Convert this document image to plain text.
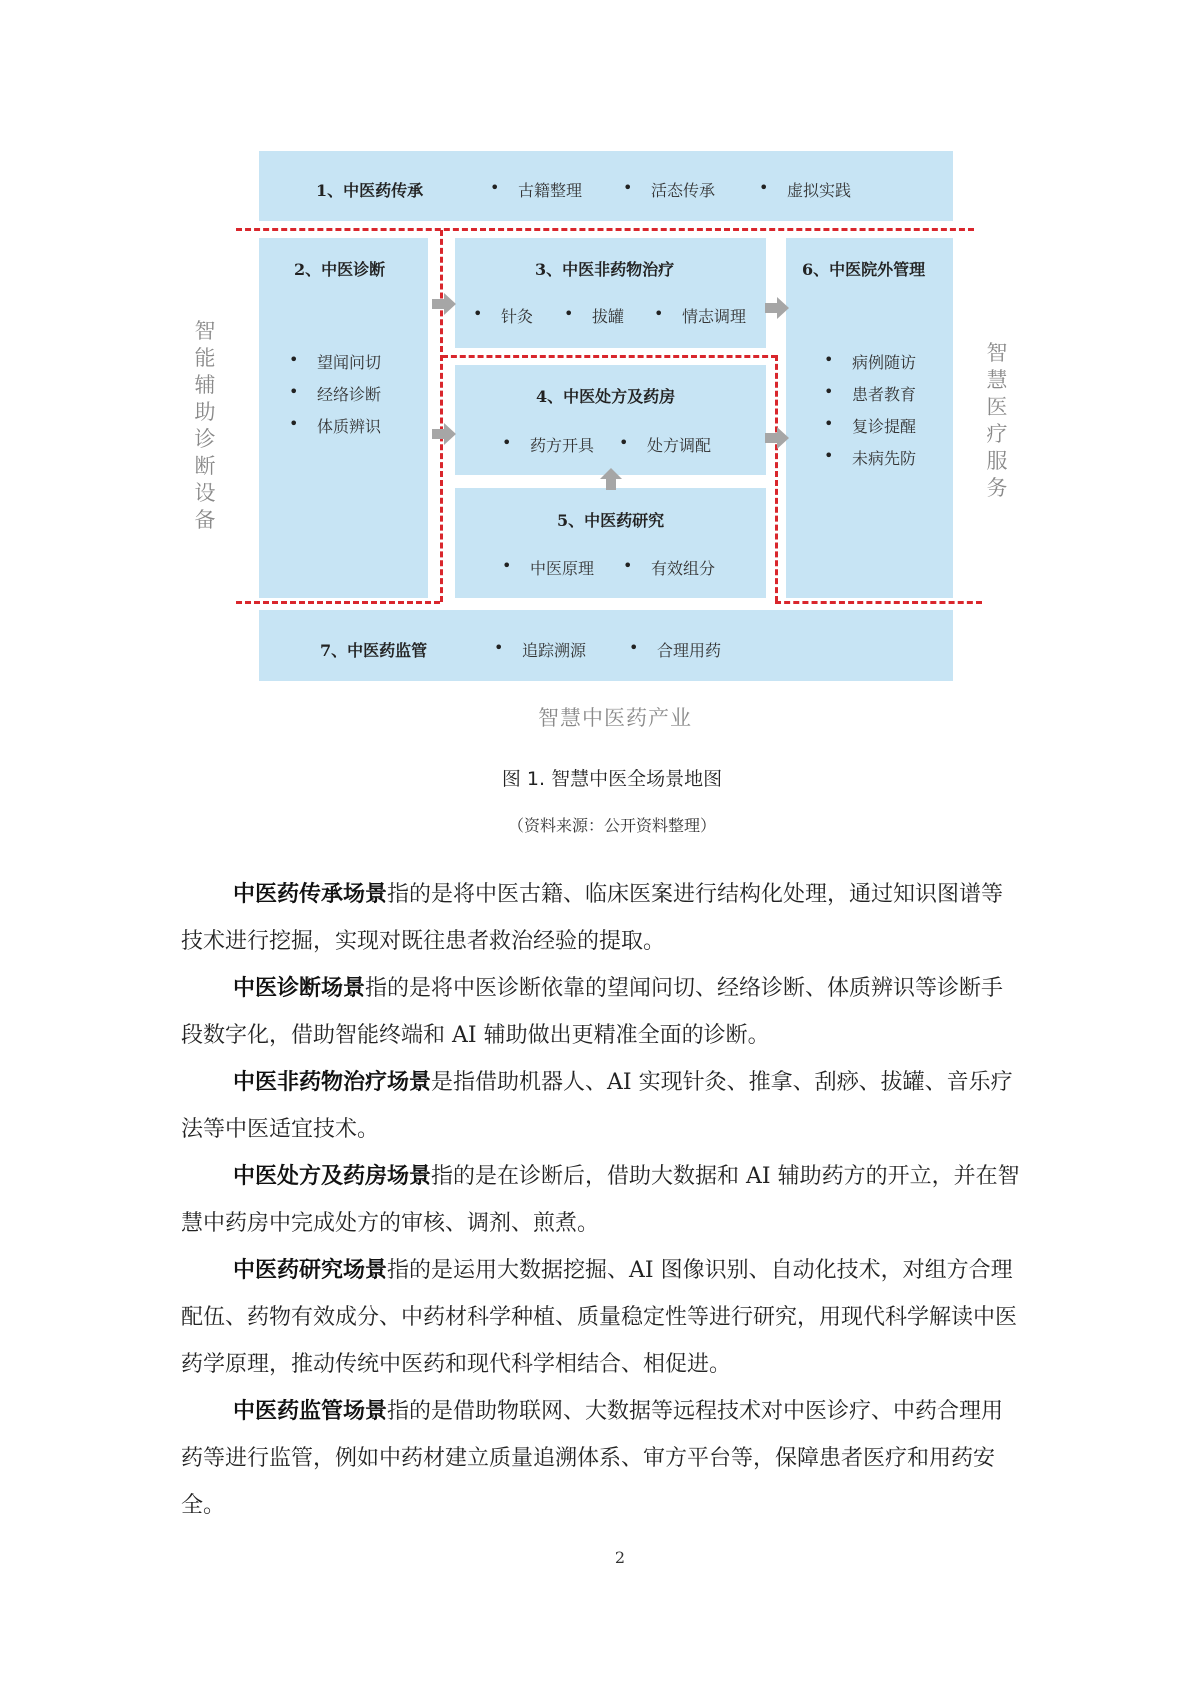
1、中医药传承	• 古籍整理	• 活态传承	• 虚拟实践
2、中医诊断
• 望闻问切
• 经络诊断
• 体质辨识
3、中医非药物治疗
• 针灸	• 拔罐	• 情志调理
4、中医处方及药房
• 药方开具	• 处方调配
5、中医药研究
• 中医原理	• 有效组分
6、中医院外管理
• 病例随访
• 患者教育
• 复诊提醒
• 未病先防
7、中医药监管	• 追踪溯源	• 合理用药
智能辅助诊断设备
智慧医疗服务
智慧中医药产业
图 1. 智慧中医全场景地图
（资料来源：公开资料整理）
中医药传承场景指的是将中医古籍、临床医案进行结构化处理，通过知识图谱等技术进行挖掘，实现对既往患者救治经验的提取。
中医诊断场景指的是将中医诊断依靠的望闻问切、经络诊断、体质辨识等诊断手段数字化，借助智能终端和 AI 辅助做出更精准全面的诊断。
中医非药物治疗场景是指借助机器人、AI 实现针灸、推拿、刮痧、拔罐、音乐疗法等中医适宜技术。
中医处方及药房场景指的是在诊断后，借助大数据和 AI 辅助药方的开立，并在智慧中药房中完成处方的审核、调剂、煎煮。
中医药研究场景指的是运用大数据挖掘、AI 图像识别、自动化技术，对组方合理配伍、药物有效成分、中药材科学种植、质量稳定性等进行研究，用现代科学解读中医药学原理，推动传统中医药和现代科学相结合、相促进。
中医药监管场景指的是借助物联网、大数据等远程技术对中医诊疗、中药合理用药等进行监管，例如中药材建立质量追溯体系、审方平台等，保障患者医疗和用药安全。
2
